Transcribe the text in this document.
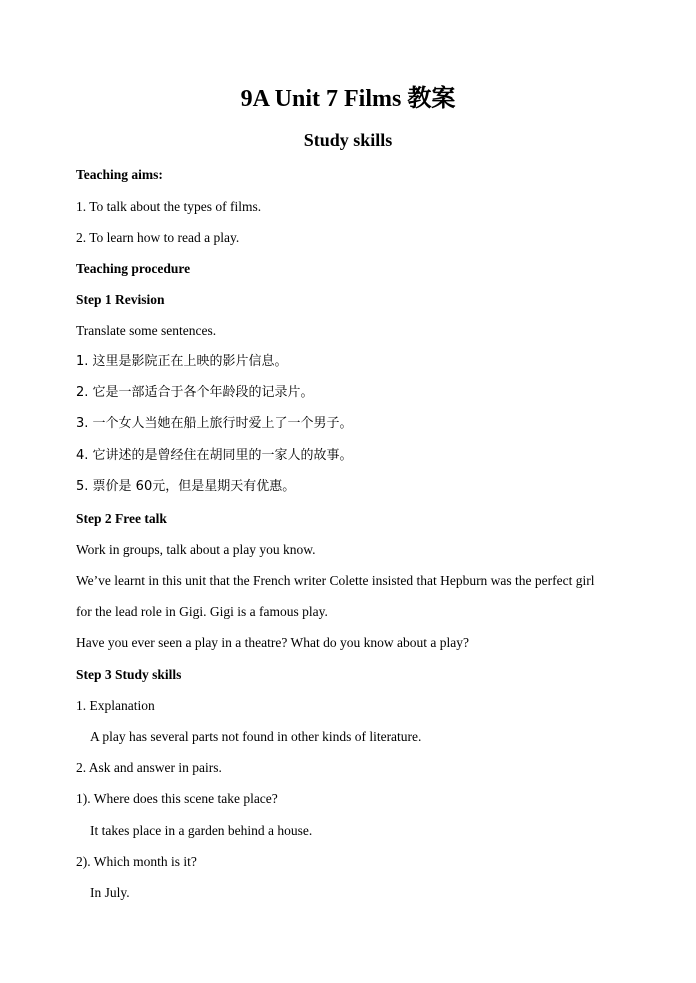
9A Unit 7 Films 教案
Study skills
Teaching aims:
1. To talk about the types of films.
2. To learn how to read a play.
Teaching procedure
Step 1 Revision
Translate some sentences.
1. 这里是影院正在上映的影片信息。
2. 它是一部适合于各个年龄段的记录片。
3. 一个女人当她在船上旅行时爱上了一个男子。
4. 它讲述的是曾经住在胡同里的一家人的故事。
5. 票价是 60元，但是星期天有优惠。
Step 2 Free talk
Work in groups, talk about a play you know.
We’ve learnt in this unit that the French writer Colette insisted that Hepburn was the perfect girl
for the lead role in Gigi. Gigi is a famous play.
Have you ever seen a play in a theatre? What do you know about a play?
Step 3 Study skills
1. Explanation
A play has several parts not found in other kinds of literature.
2. Ask and answer in pairs.
1). Where does this scene take place?
It takes place in a garden behind a house.
2). Which month is it?
In July.
